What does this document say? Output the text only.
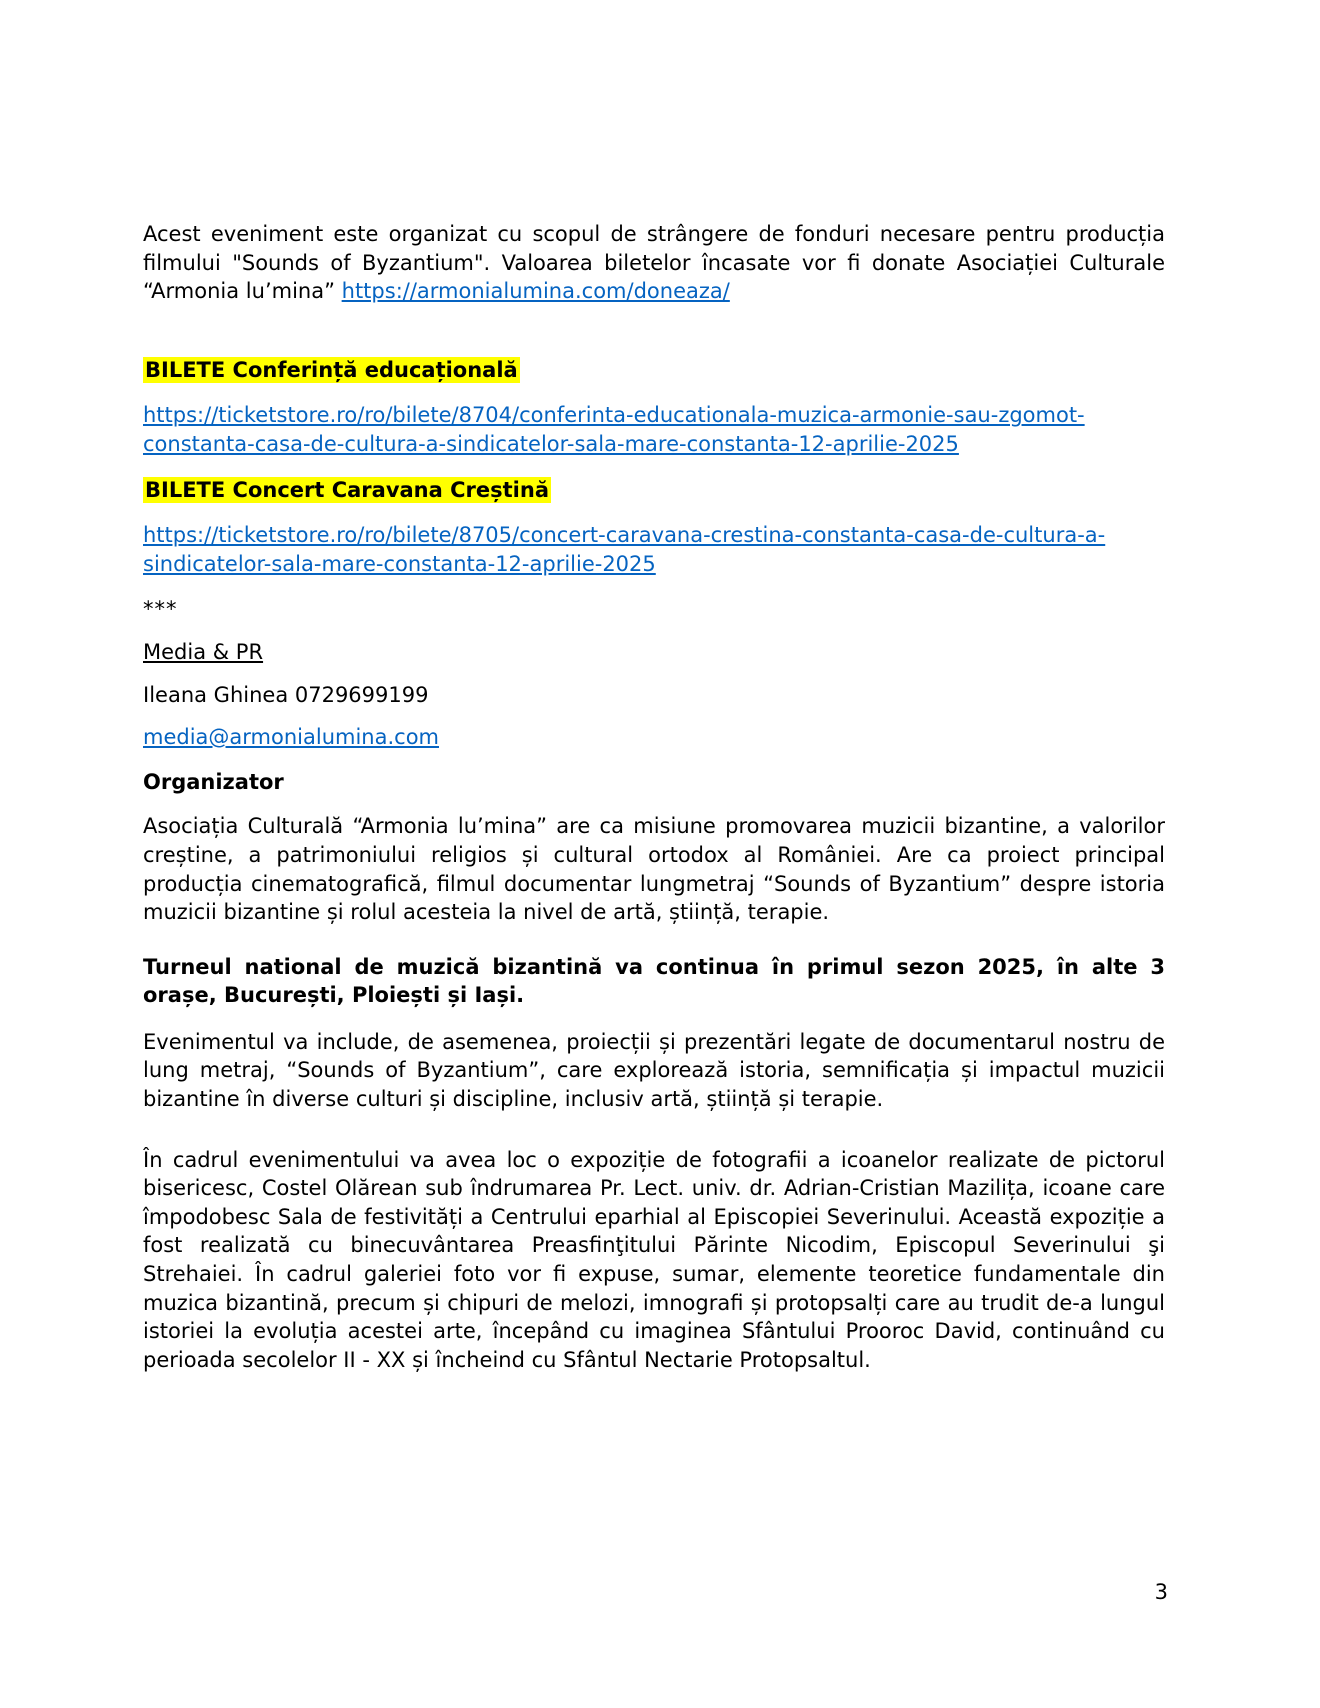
Acest eveniment este organizat cu scopul de strângere de fonduri necesare pentru producția filmului "Sounds of Byzantium". Valoarea biletelor încasate vor fi donate Asociației Culturale “Armonia lu’mina” https://armonialumina.com/doneaza/

BILETE Conferință educațională

https://ticketstore.ro/ro/bilete/8704/conferinta-educationala-muzica-armonie-sau-zgomot-constanta-casa-de-cultura-a-sindicatelor-sala-mare-constanta-12-aprilie-2025

BILETE Concert Caravana Creștină

https://ticketstore.ro/ro/bilete/8705/concert-caravana-crestina-constanta-casa-de-cultura-a-sindicatelor-sala-mare-constanta-12-aprilie-2025

***

Media & PR

Ileana Ghinea 0729699199

media@armonialumina.com

Organizator

Asociația Culturală “Armonia lu’mina” are ca misiune promovarea muzicii bizantine, a valorilor creștine, a patrimoniului religios și cultural ortodox al României. Are ca proiect principal producția cinematografică, filmul documentar lungmetraj “Sounds of Byzantium” despre istoria muzicii bizantine și rolul acesteia la nivel de artă, știință, terapie.

Turneul national de muzică bizantină va continua în primul sezon 2025, în alte 3 orașe, București, Ploiești și Iași.

Evenimentul va include, de asemenea, proiecții și prezentări legate de documentarul nostru de lung metraj, “Sounds of Byzantium”, care explorează istoria, semnificația și impactul muzicii bizantine în diverse culturi și discipline, inclusiv artă, știință și terapie.

În cadrul evenimentului va avea loc o expoziție de fotografii a icoanelor realizate de pictorul bisericesc, Costel Olărean sub îndrumarea Pr. Lect. univ. dr. Adrian-Cristian Mazilița, icoane care împodobesc Sala de festivități a Centrului eparhial al Episcopiei Severinului. Această expoziție a fost realizată cu binecuvântarea Preasfinţitului Părinte Nicodim, Episcopul Severinului şi Strehaiei. În cadrul galeriei foto vor fi expuse, sumar, elemente teoretice fundamentale din muzica bizantină, precum și chipuri de melozi, imnografi și protopsalți care au trudit de-a lungul istoriei la evoluția acestei arte, începând cu imaginea Sfântului Prooroc David, continuând cu perioada secolelor II - XX și încheind cu Sfântul Nectarie Protopsaltul.

3
